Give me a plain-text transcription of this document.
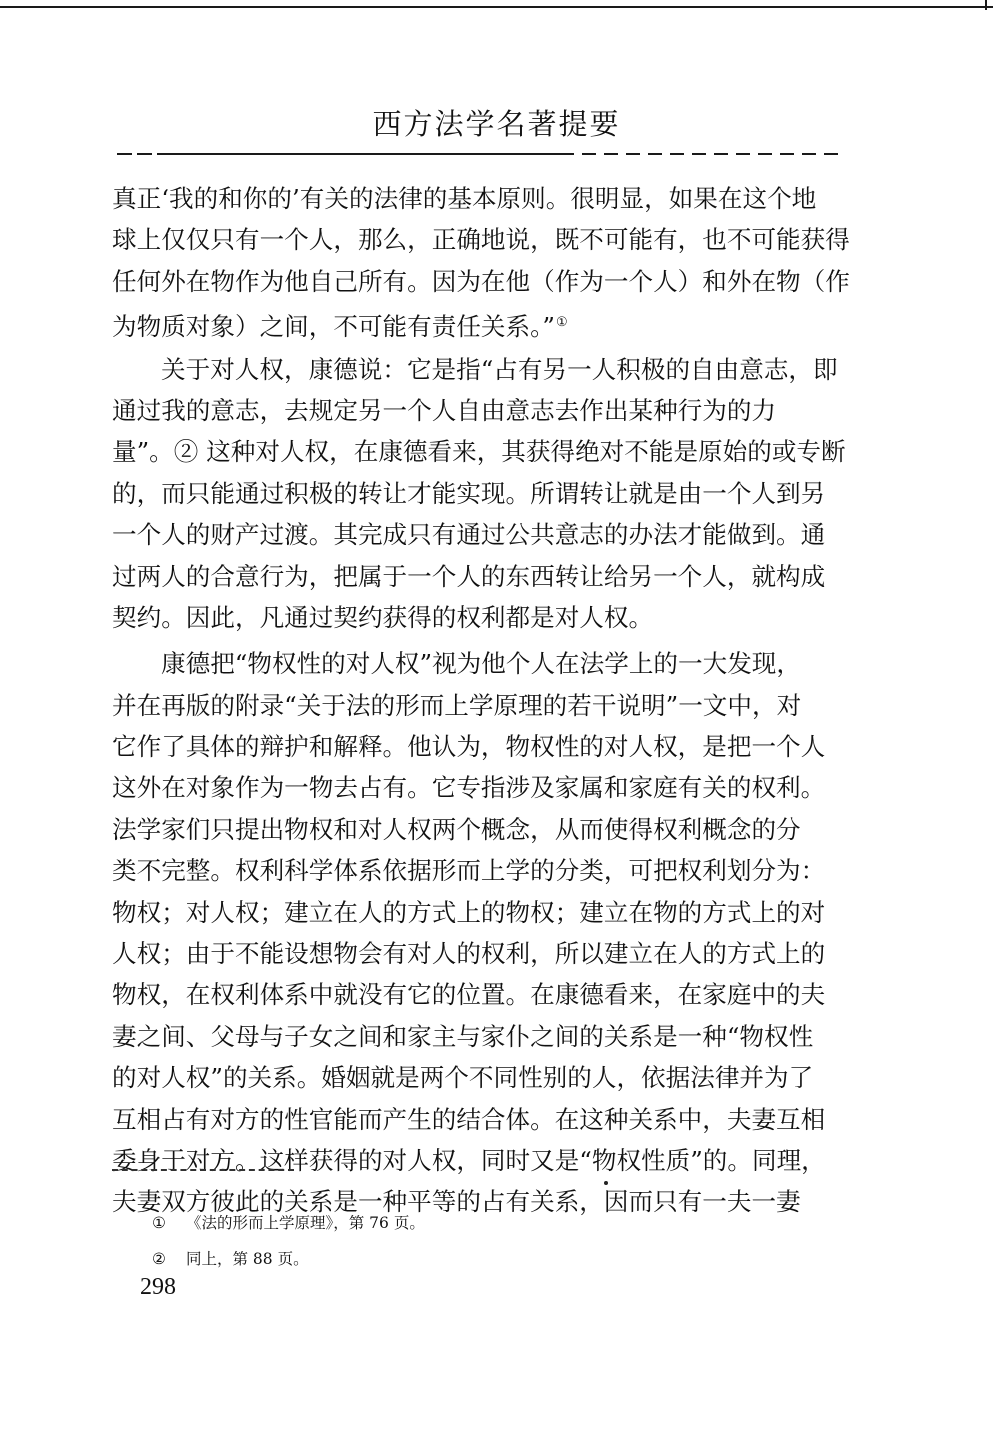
西方法学名著提要
真正‘我的和你的’有关的法律的基本原则。很明显，如果在这个地
球上仅仅只有一个人，那么，正确地说，既不可能有，也不可能获得
任何外在物作为他自己所有。因为在他（作为一个人）和外在物（作
为物质对象）之间，不可能有责任关系。”①
关于对人权，康德说：它是指“占有另一人积极的自由意志，即
通过我的意志，去规定另一个人自由意志去作出某种行为的力
量”。② 这种对人权，在康德看来，其获得绝对不能是原始的或专断
的，而只能通过积极的转让才能实现。所谓转让就是由一个人到另
一个人的财产过渡。其完成只有通过公共意志的办法才能做到。通
过两人的合意行为，把属于一个人的东西转让给另一个人，就构成
契约。因此，凡通过契约获得的权利都是对人权。
康德把“物权性的对人权”视为他个人在法学上的一大发现，
并在再版的附录“关于法的形而上学原理的若干说明”一文中，对
它作了具体的辩护和解释。他认为，物权性的对人权，是把一个人
这外在对象作为一物去占有。它专指涉及家属和家庭有关的权利。
法学家们只提出物权和对人权两个概念，从而使得权利概念的分
类不完整。权利科学体系依据形而上学的分类，可把权利划分为：
物权；对人权；建立在人的方式上的物权；建立在物的方式上的对
人权；由于不能设想物会有对人的权利，所以建立在人的方式上的
物权，在权利体系中就没有它的位置。在康德看来，在家庭中的夫
妻之间、父母与子女之间和家主与家仆之间的关系是一种“物权性
的对人权”的关系。婚姻就是两个不同性别的人，依据法律并为了
互相占有对方的性官能而产生的结合体。在这种关系中，夫妻互相
委身于对方。这样获得的对人权，同时又是“物权性质”的。同理，
夫妻双方彼此的关系是一种平等的占有关系，因而只有一夫一妻
① 《法的形而上学原理》，第 76 页。
② 同上，第 88 页。
298
